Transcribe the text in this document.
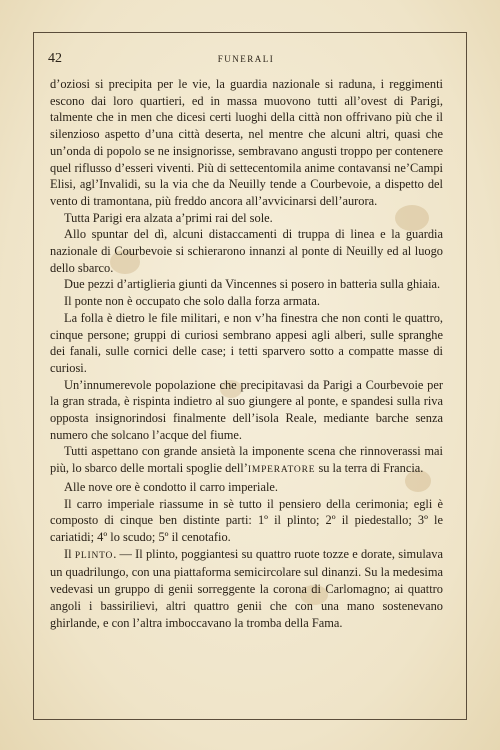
42	FUNERALI

d’oziosi si precipita per le vie, la guardia nazionale si raduna, i reggimenti escono dai loro quartieri, ed in massa muovono tutti all’ovest di Parigi, talmente che in men che dicesi certi luoghi della città non offrivano più che il silenzioso aspetto d’una città deserta, nel mentre che alcuni altri, quasi che un’onda di popolo se ne insignorisse, sembravano angusti troppo per contenere quel riflusso d’esseri viventi. Più di settecentomila anime contavansi ne’Campi Elisi, agl’Invalidi, su la via che da Neuilly tende a Courbevoie, a dispetto del vento di tramontana, più freddo ancora all’avvicinarsi dell’aurora.

Tutta Parigi era alzata a’primi rai del sole.

Allo spuntar del dì, alcuni distaccamenti di truppa di linea e la guardia nazionale di Courbevoie si schierarono innanzi al ponte di Neuilly ed al luogo dello sbarco.

Due pezzi d’artiglieria giunti da Vincennes si posero in batteria sulla ghiaia.

Il ponte non è occupato che solo dalla forza armata.

La folla è dietro le file militari, e non v’ha finestra che non conti le quattro, cinque persone; gruppi di curiosi sembrano appesi agli alberi, sulle spranghe dei fanali, sulle cornici delle case; i tetti sparvero sotto a compatte masse di curiosi.

Un’innumerevole popolazione che precipitavasi da Parigi a Courbevoie per la gran strada, è rispinta indietro al suo giungere al ponte, e spandesi sulla riva opposta insignorindosi finalmente dell’isola Reale, mediante barche senza numero che solcano l’acque del fiume.

Tutti aspettano con grande ansietà la imponente scena che rinnoverassi mai più, lo sbarco delle mortali spoglie dell’IMPERATORE su la terra di Francia.

Alle nove ore è condotto il carro imperiale.

Il carro imperiale riassume in sè tutto il pensiero della cerimonia; egli è composto di cinque ben distinte parti: 1º il plinto; 2º il piedestallo; 3º le cariatidi; 4º lo scudo; 5º il cenotafio.

Il PLINTO. — Il plinto, poggiantesi su quattro ruote tozze e dorate, simulava un quadrilungo, con una piattaforma semicircolare sul dinanzi. Su la medesima vedevasi un gruppo di genii sorreggente la corona di Carlomagno; ai quattro angoli i bassirilievi, altri quattro genii che con una mano sostenevano ghirlande, e con l’altra imboccavano la tromba della Fama.
